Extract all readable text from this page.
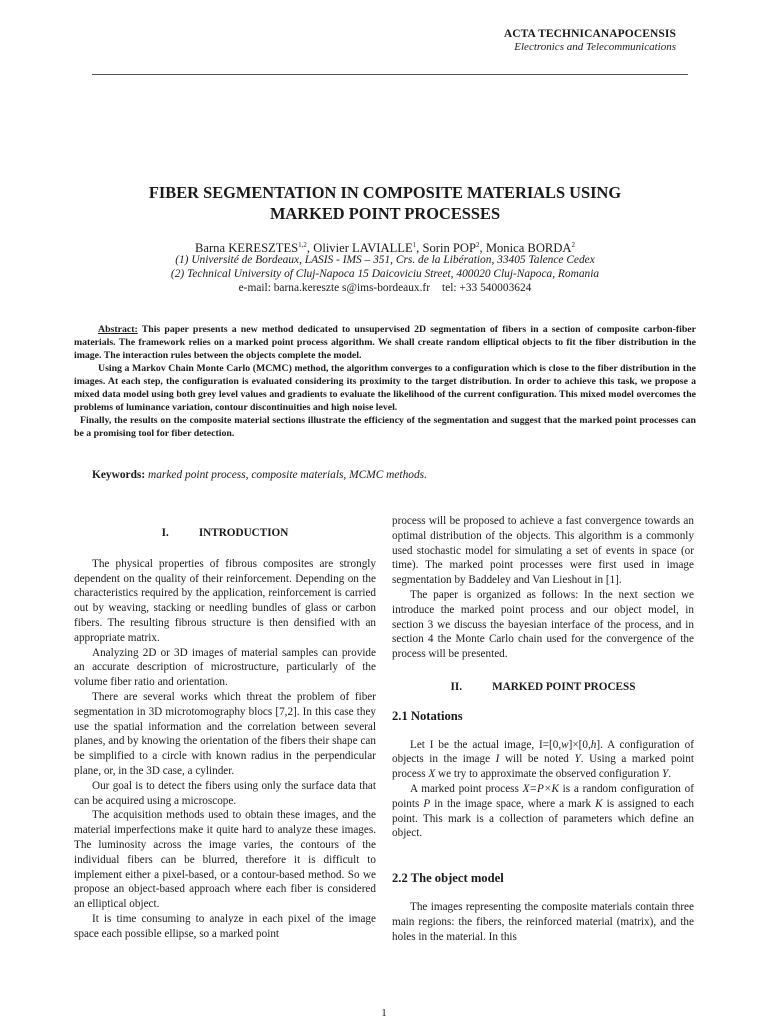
ACTA TECHNICANAPOCENSIS
Electronics and Telecommunications
FIBER SEGMENTATION IN COMPOSITE MATERIALS USING
MARKED POINT PROCESSES
Barna KERESZTES$^{1,2}$, Olivier LAVIALLE$^1$, Sorin POP$^2$, Monica BORDA$^2$
(1) Université de Bordeaux, LASIS - IMS – 351, Crs. de la Libération, 33405 Talence Cedex
(2) Technical University of Cluj-Napoca 15 Daicoviciu Street, 400020 Cluj-Napoca, Romania
e-mail: barna.kereszte s@ims-bordeaux.fr tel: +33 540003624

Abstract: This paper presents a new method dedicated to unsupervised 2D segmentation of fibers in a section of composite carbon-fiber materials. The framework relies on a marked point process algorithm. We shall create random elliptical objects to fit the fiber distribution in the image. The interaction rules between the objects complete the model.

Using a Markov Chain Monte Carlo (MCMC) method, the algorithm converges to a configuration which is close to the fiber distribution in the images. At each step, the configuration is evaluated considering its proximity to the target distribution. In order to achieve this task, we propose a mixed data model using both grey level values and gradients to evaluate the likelihood of the current configuration. This mixed model overcomes the problems of luminance variation, contour discontinuities and high noise level.

Finally, the results on the composite material sections illustrate the efficiency of the segmentation and suggest that the marked point processes can be a promising tool for fiber detection.

Keywords: marked point process, composite materials, MCMC methods.
I.	INTRODUCTION

The physical properties of fibrous composites are strongly dependent on the quality of their reinforcement. Depending on the characteristics required by the application, reinforcement is carried out by weaving, stacking or needling bundles of glass or carbon fibers. The resulting fibrous structure is then densified with an appropriate matrix.

Analyzing 2D or 3D images of material samples can provide an accurate description of microstructure, particularly of the volume fiber ratio and orientation.

There are several works which threat the problem of fiber segmentation in 3D microtomography blocs [7,2]. In this case they use the spatial information and the correlation between several planes, and by knowing the orientation of the fibers their shape can be simplified to a circle with known radius in the perpendicular plane, or, in the 3D case, a cylinder.

Our goal is to detect the fibers using only the surface data that can be acquired using a microscope.

The acquisition methods used to obtain these images, and the material imperfections make it quite hard to analyze these images. The luminosity across the image varies, the contours of the individual fibers can be blurred, therefore it is difficult to implement either a pixel-based, or a contour-based method. So we propose an object-based approach where each fiber is considered an elliptical object.

It is time consuming to analyze in each pixel of the image space each possible ellipse, so a marked point

process will be proposed to achieve a fast convergence towards an optimal distribution of the objects. This algorithm is a commonly used stochastic model for simulating a set of events in space (or time). The marked point processes were first used in image segmentation by Baddeley and Van Lieshout in [1].

The paper is organized as follows: In the next section we introduce the marked point process and our object model, in section 3 we discuss the bayesian interface of the process, and in section 4 the Monte Carlo chain used for the convergence of the process will be presented.

II.	MARKED POINT PROCESS
2.1 Notations

Let I be the actual image, I=[0,w]×[0,h]. A configuration of objects in the image I will be noted Y. Using a marked point process X we try to approximate the observed configuration Y.

A marked point process X=P×K is a random configuration of points P in the image space, where a mark K is assigned to each point. This mark is a collection of parameters which define an object.

2.2 The object model

The images representing the composite materials contain three main regions: the fibers, the reinforced material (matrix), and the holes in the material. In this

1
